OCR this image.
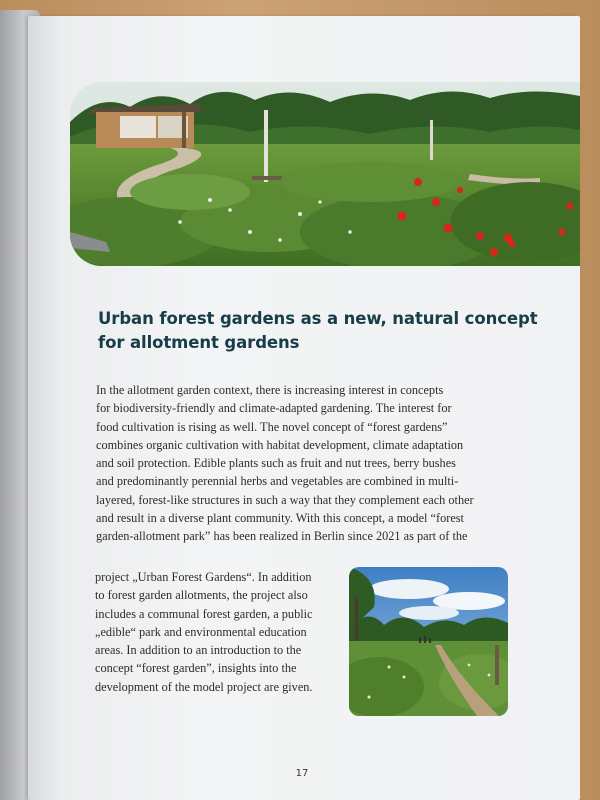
Urban forest gardens as a new, natural concept
for allotment gardens

In the allotment garden context, there is increasing interest in concepts
for biodiversity-friendly and climate-adapted gardening. The interest for
food cultivation is rising as well. The novel concept of “forest gardens”
combines organic cultivation with habitat development, climate adaptation
and soil protection. Edible plants such as fruit and nut trees, berry bushes
and predominantly perennial herbs and vegetables are combined in multi-
layered, forest-like structures in such a way that they complement each other
and result in a diverse plant community. With this concept, a model “forest
garden-allotment park” has been realized in Berlin since 2021 as part of the

project „Urban Forest Gardens“. In addition
to forest garden allotments, the project also
includes a communal forest garden, a public
„edible“ park and environmental education
areas. In addition to an introduction to the
concept “forest garden”, insights into the
development of the model project are given.

17
